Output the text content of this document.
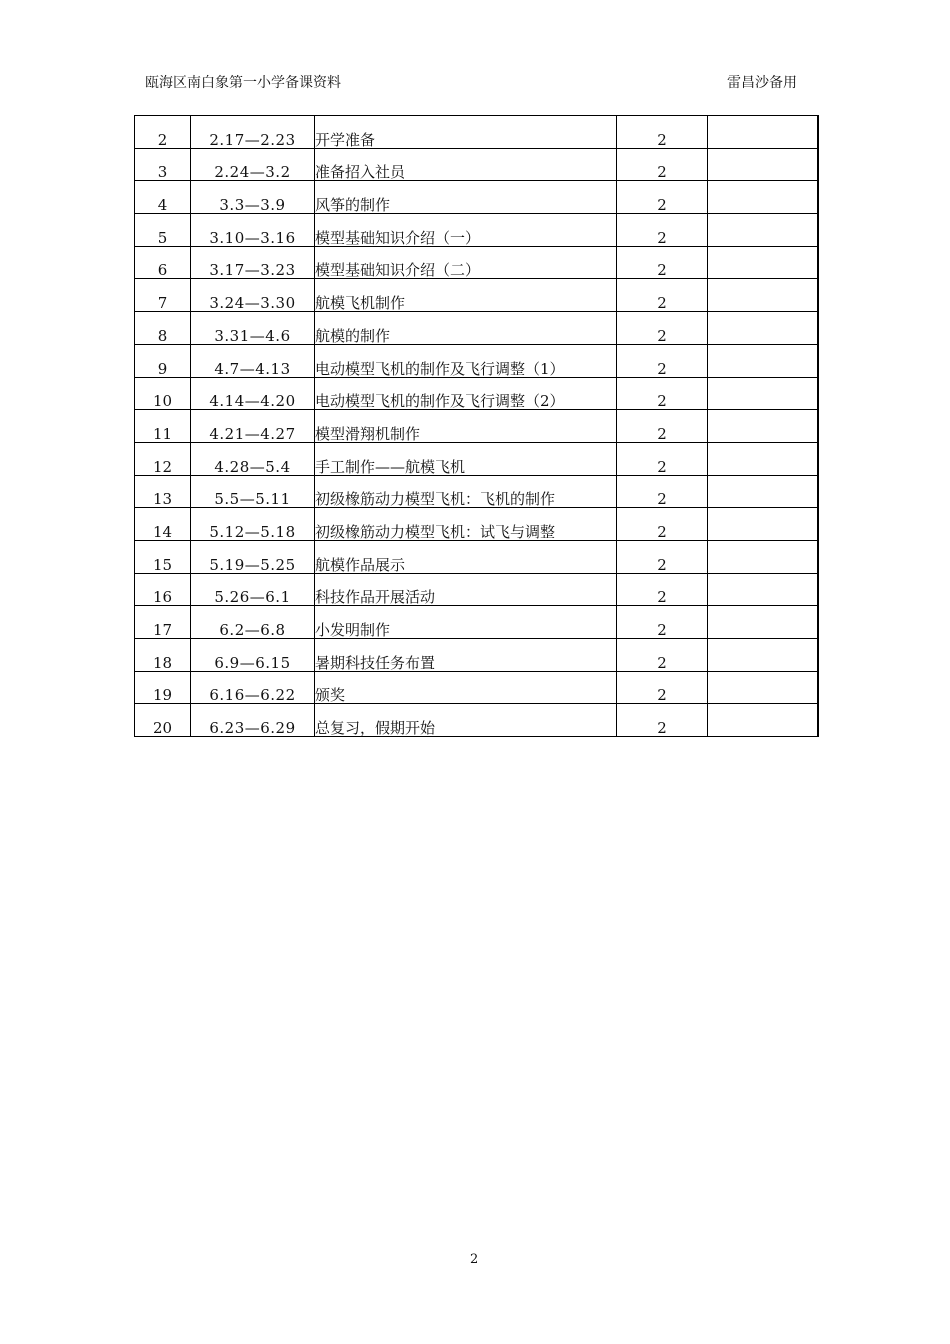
瓯海区南白象第一小学备课资料	雷昌沙备用
2	2.17—2.23	开学准备	2	
3	2.24—3.2	准备招入社员	2	
4	3.3—3.9	风筝的制作	2	
5	3.10—3.16	模型基础知识介绍（一）	2	
6	3.17—3.23	模型基础知识介绍（二）	2	
7	3.24—3.30	航模飞机制作	2	
8	3.31—4.6	航模的制作	2	
9	4.7—4.13	电动模型飞机的制作及飞行调整（1）	2	
10	4.14—4.20	电动模型飞机的制作及飞行调整（2）	2	
11	4.21—4.27	模型滑翔机制作	2	
12	4.28—5.4	手工制作——航模飞机	2	
13	5.5—5.11	初级橡筋动力模型飞机：飞机的制作	2	
14	5.12—5.18	初级橡筋动力模型飞机：试飞与调整	2	
15	5.19—5.25	航模作品展示	2	
16	5.26—6.1	科技作品开展活动	2	
17	6.2—6.8	小发明制作	2	
18	6.9—6.15	暑期科技任务布置	2	
19	6.16—6.22	颁奖	2	
20	6.23—6.29	总复习，假期开始	2	
2
